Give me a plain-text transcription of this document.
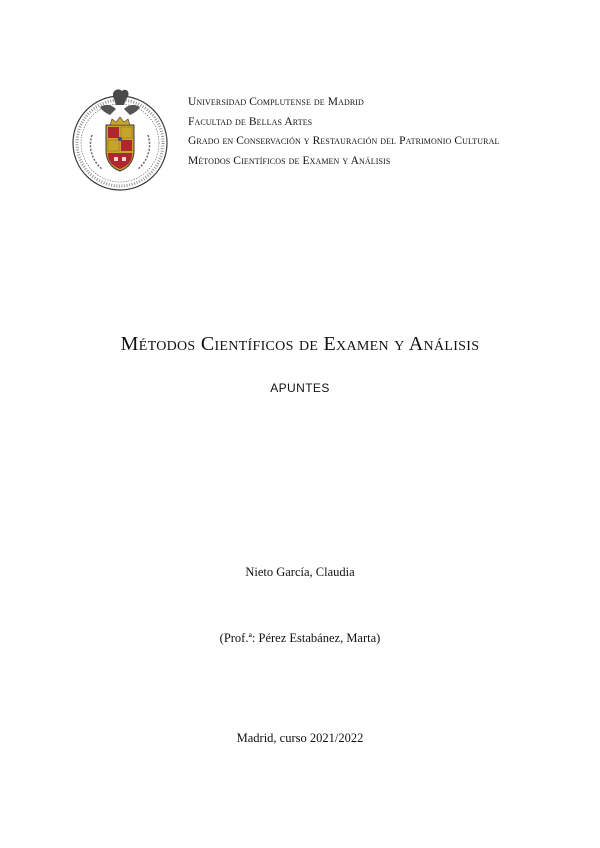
Universidad Complutense de Madrid
Facultad de Bellas Artes
Grado en Conservación y Restauración del Patrimonio Cultural
Métodos Científicos de Examen y Análisis
Métodos Científicos de Examen y Análisis
APUNTES
Nieto García, Claudia
(Prof.ª: Pérez Estabánez, Marta)
Madrid, curso 2021/2022
